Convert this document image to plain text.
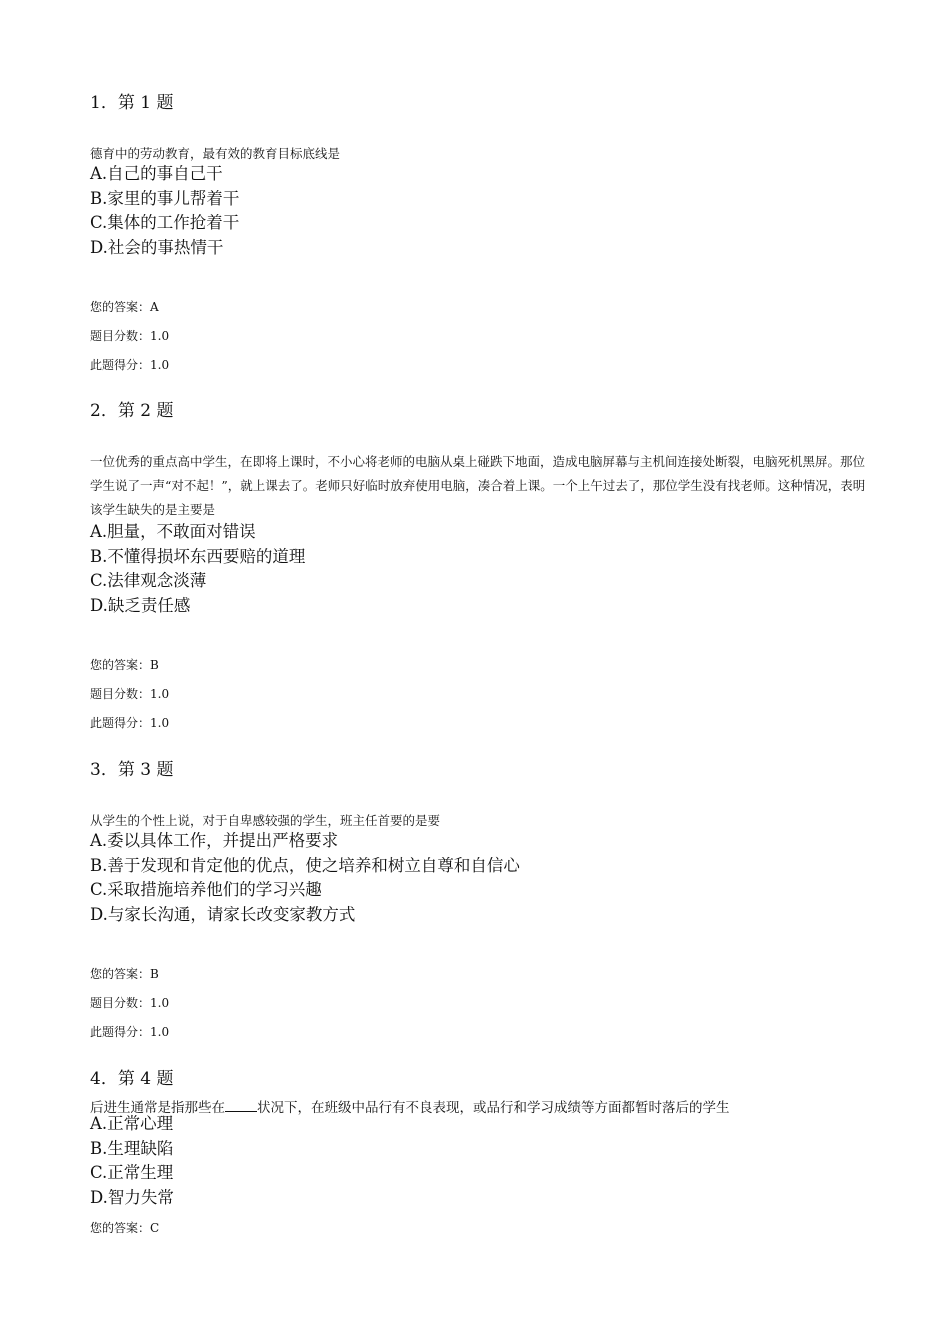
1．第 1 题
德育中的劳动教育，最有效的教育目标底线是
A.自己的事自己干
B.家里的事儿帮着干
C.集体的工作抢着干
D.社会的事热情干
您的答案：A
题目分数：1.0
此题得分：1.0
2．第 2 题
一位优秀的重点高中学生，在即将上课时，不小心将老师的电脑从桌上碰跌下地面，造成电脑屏幕与主机间连接处断裂，电脑死机黑屏。那位学生说了一声“对不起！”，就上课去了。老师只好临时放弃使用电脑，凑合着上课。一个上午过去了，那位学生没有找老师。这种情况，表明该学生缺失的是主要是
A.胆量，不敢面对错误
B.不懂得损坏东西要赔的道理
C.法律观念淡薄
D.缺乏责任感
您的答案：B
题目分数：1.0
此题得分：1.0
3．第 3 题
从学生的个性上说，对于自卑感较强的学生，班主任首要的是要
A.委以具体工作，并提出严格要求
B.善于发现和肯定他的优点，使之培养和树立自尊和自信心
C.采取措施培养他们的学习兴趣
D.与家长沟通，请家长改变家教方式
您的答案：B
题目分数：1.0
此题得分：1.0
4．第 4 题
后进生通常是指那些在 状况下，在班级中品行有不良表现，或品行和学习成绩等方面都暂时落后的学生
A.正常心理
B.生理缺陷
C.正常生理
D.智力失常
您的答案：C
